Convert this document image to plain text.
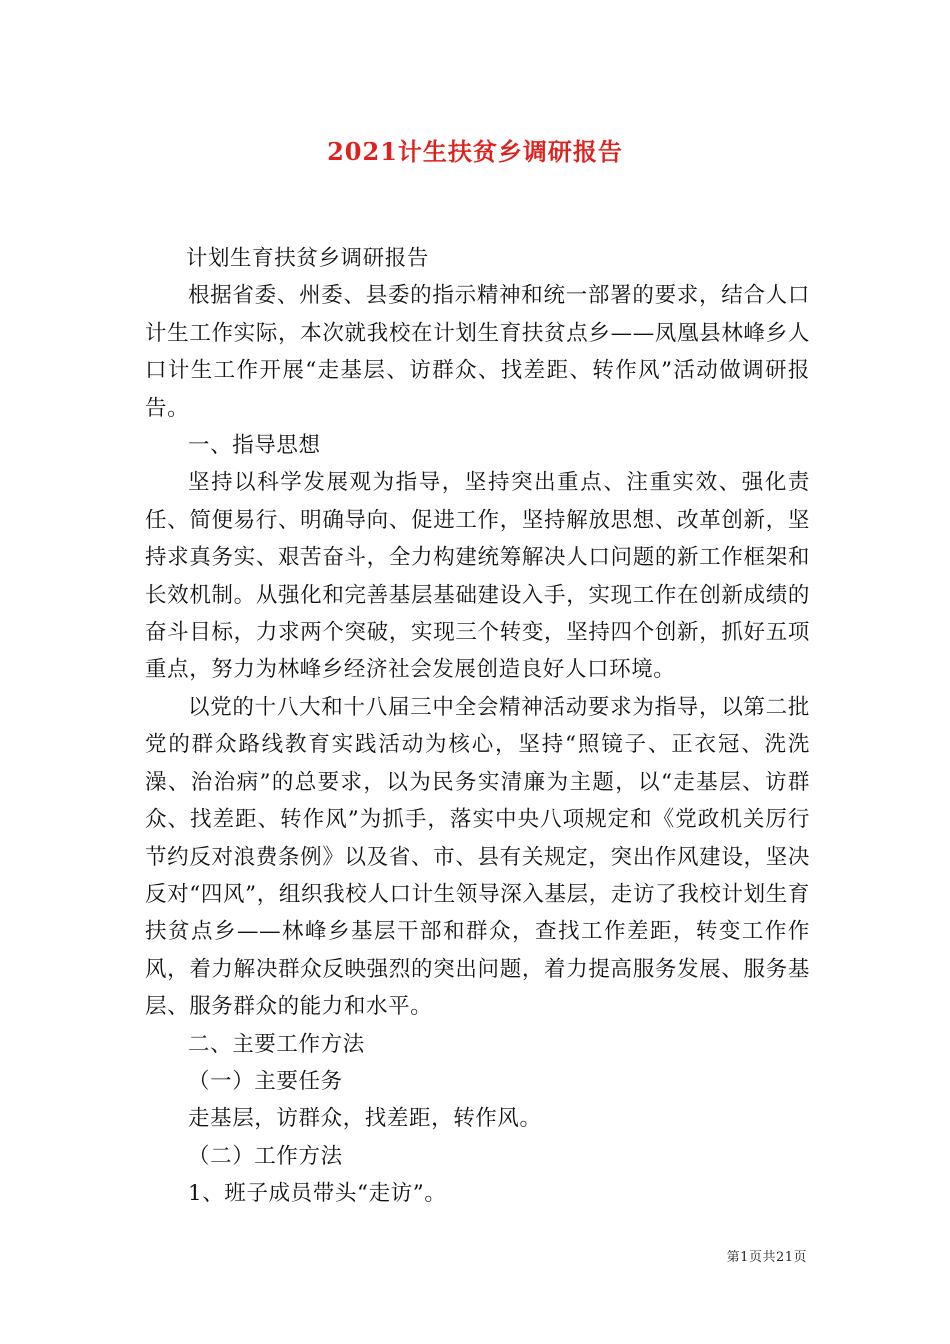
2021计生扶贫乡调研报告

计划生育扶贫乡调研报告

根据省委、州委、县委的指示精神和统一部署的要求，结合人口计生工作实际，本次就我校在计划生育扶贫点乡——凤凰县林峰乡人口计生工作开展“走基层、访群众、找差距、转作风”活动做调研报告。

一、指导思想

坚持以科学发展观为指导，坚持突出重点、注重实效、强化责任、简便易行、明确导向、促进工作，坚持解放思想、改革创新，坚持求真务实、艰苦奋斗，全力构建统筹解决人口问题的新工作框架和长效机制。从强化和完善基层基础建设入手，实现工作在创新成绩的奋斗目标，力求两个突破，实现三个转变，坚持四个创新，抓好五项重点，努力为林峰乡经济社会发展创造良好人口环境。

以党的十八大和十八届三中全会精神活动要求为指导，以第二批党的群众路线教育实践活动为核心，坚持“照镜子、正衣冠、洗洗澡、治治病”的总要求，以为民务实清廉为主题，以“走基层、访群众、找差距、转作风”为抓手，落实中央八项规定和《党政机关厉行节约反对浪费条例》以及省、市、县有关规定，突出作风建设，坚决反对“四风”，组织我校人口计生领导深入基层，走访了我校计划生育扶贫点乡——林峰乡基层干部和群众，查找工作差距，转变工作作风，着力解决群众反映强烈的突出问题，着力提高服务发展、服务基层、服务群众的能力和水平。

二、主要工作方法

（一）主要任务

走基层，访群众，找差距，转作风。

（二）工作方法

1、班子成员带头“走访”。

第1页共21页
